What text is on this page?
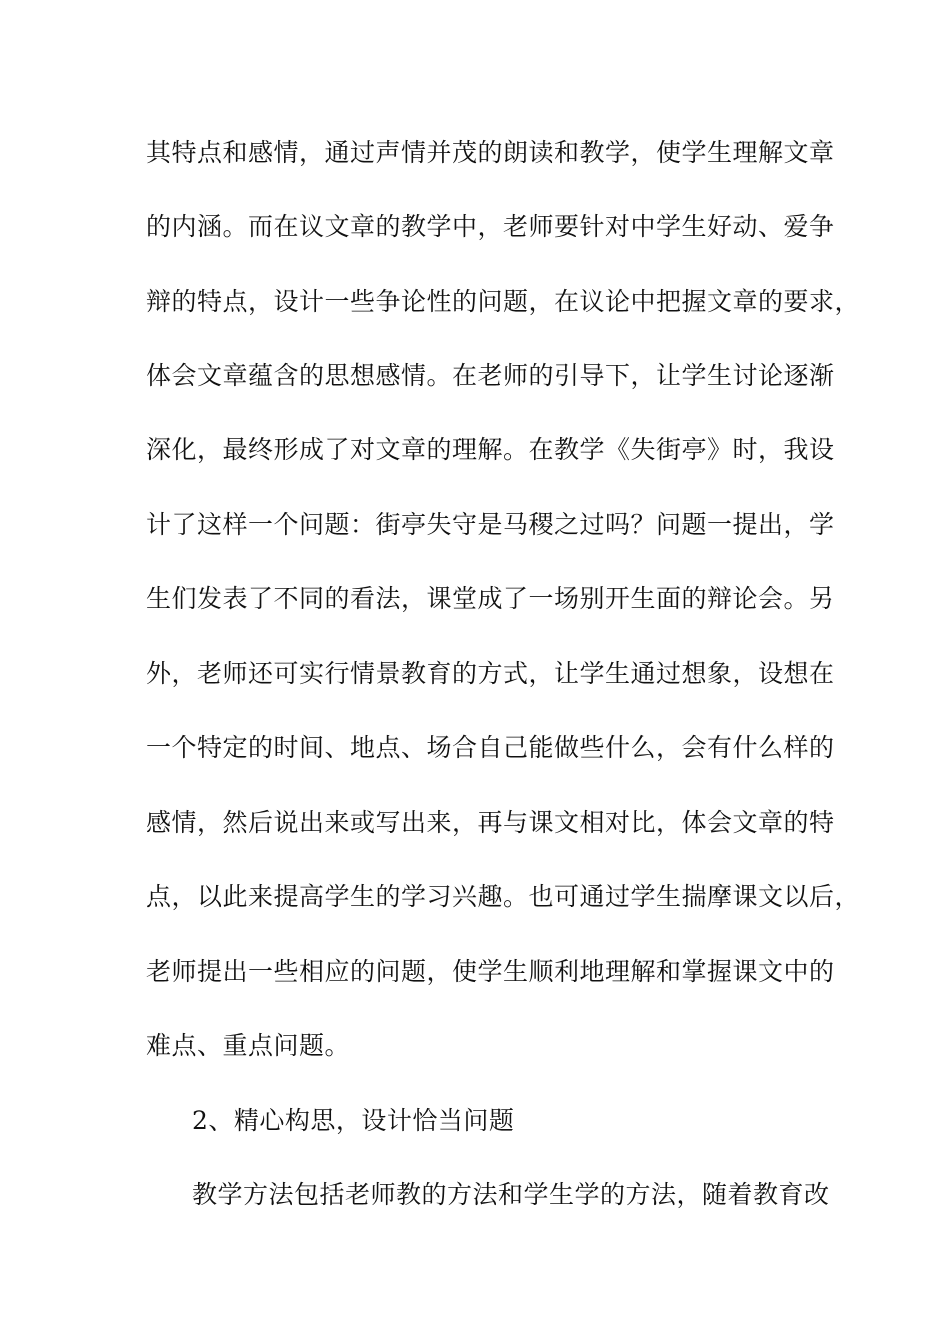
其特点和感情，通过声情并茂的朗读和教学，使学生理解文章
的内涵。而在议文章的教学中，老师要针对中学生好动、爱争
辩的特点，设计一些争论性的问题，在议论中把握文章的要求，
体会文章蕴含的思想感情。在老师的引导下，让学生讨论逐渐
深化，最终形成了对文章的理解。在教学《失街亭》时，我设
计了这样一个问题：街亭失守是马稷之过吗？问题一提出，学
生们发表了不同的看法，课堂成了一场别开生面的辩论会。另
外，老师还可实行情景教育的方式，让学生通过想象，设想在
一个特定的时间、地点、场合自己能做些什么，会有什么样的
感情，然后说出来或写出来，再与课文相对比，体会文章的特
点，以此来提高学生的学习兴趣。也可通过学生揣摩课文以后，
老师提出一些相应的问题，使学生顺利地理解和掌握课文中的
难点、重点问题。
2、精心构思，设计恰当问题
教学方法包括老师教的方法和学生学的方法，随着教育改
